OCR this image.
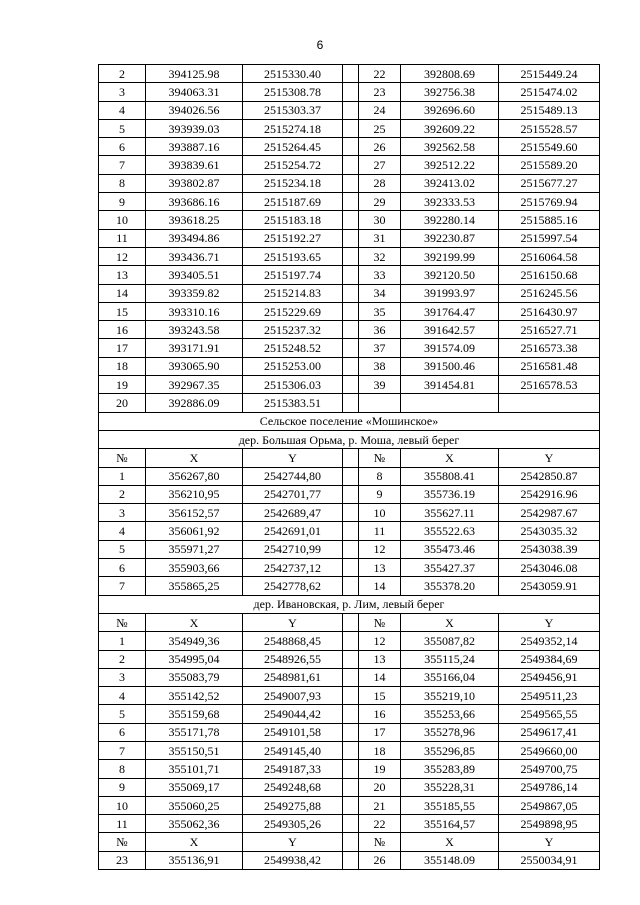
6
2	394125.98	2515330.40		22	392808.69	2515449.24
3	394063.31	2515308.78		23	392756.38	2515474.02
4	394026.56	2515303.37		24	392696.60	2515489.13
5	393939.03	2515274.18		25	392609.22	2515528.57
6	393887.16	2515264.45		26	392562.58	2515549.60
7	393839.61	2515254.72		27	392512.22	2515589.20
8	393802.87	2515234.18		28	392413.02	2515677.27
9	393686.16	2515187.69		29	392333.53	2515769.94
10	393618.25	2515183.18		30	392280.14	2515885.16
11	393494.86	2515192.27		31	392230.87	2515997.54
12	393436.71	2515193.65		32	392199.99	2516064.58
13	393405.51	2515197.74		33	392120.50	2516150.68
14	393359.82	2515214.83		34	391993.97	2516245.56
15	393310.16	2515229.69		35	391764.47	2516430.97
16	393243.58	2515237.32		36	391642.57	2516527.71
17	393171.91	2515248.52		37	391574.09	2516573.38
18	393065.90	2515253.00		38	391500.46	2516581.48
19	392967.35	2515306.03		39	391454.81	2516578.53
20	392886.09	2515383.51				
Сельское поселение «Мошинское»						
дер. Большая Орьма, р. Моша, левый берег						
№	X	Y		№	X	Y
1	356267,80	2542744,80		8	355808.41	2542850.87
2	356210,95	2542701,77		9	355736.19	2542916.96
3	356152,57	2542689,47		10	355627.11	2542987.67
4	356061,92	2542691,01		11	355522.63	2543035.32
5	355971,27	2542710,99		12	355473.46	2543038.39
6	355903,66	2542737,12		13	355427.37	2543046.08
7	355865,25	2542778,62		14	355378.20	2543059.91
дер. Ивановская, р. Лим, левый берег						
№	X	Y		№	X	Y
1	354949,36	2548868,45		12	355087,82	2549352,14
2	354995,04	2548926,55		13	355115,24	2549384,69
3	355083,79	2548981,61		14	355166,04	2549456,91
4	355142,52	2549007,93		15	355219,10	2549511,23
5	355159,68	2549044,42		16	355253,66	2549565,55
6	355171,78	2549101,58		17	355278,96	2549617,41
7	355150,51	2549145,40		18	355296,85	2549660,00
8	355101,71	2549187,33		19	355283,89	2549700,75
9	355069,17	2549248,68		20	355228,31	2549786,14
10	355060,25	2549275,88		21	355185,55	2549867,05
11	355062,36	2549305,26		22	355164,57	2549898,95
№	X	Y		№	X	Y
23	355136,91	2549938,42		26	355148.09	2550034,91
